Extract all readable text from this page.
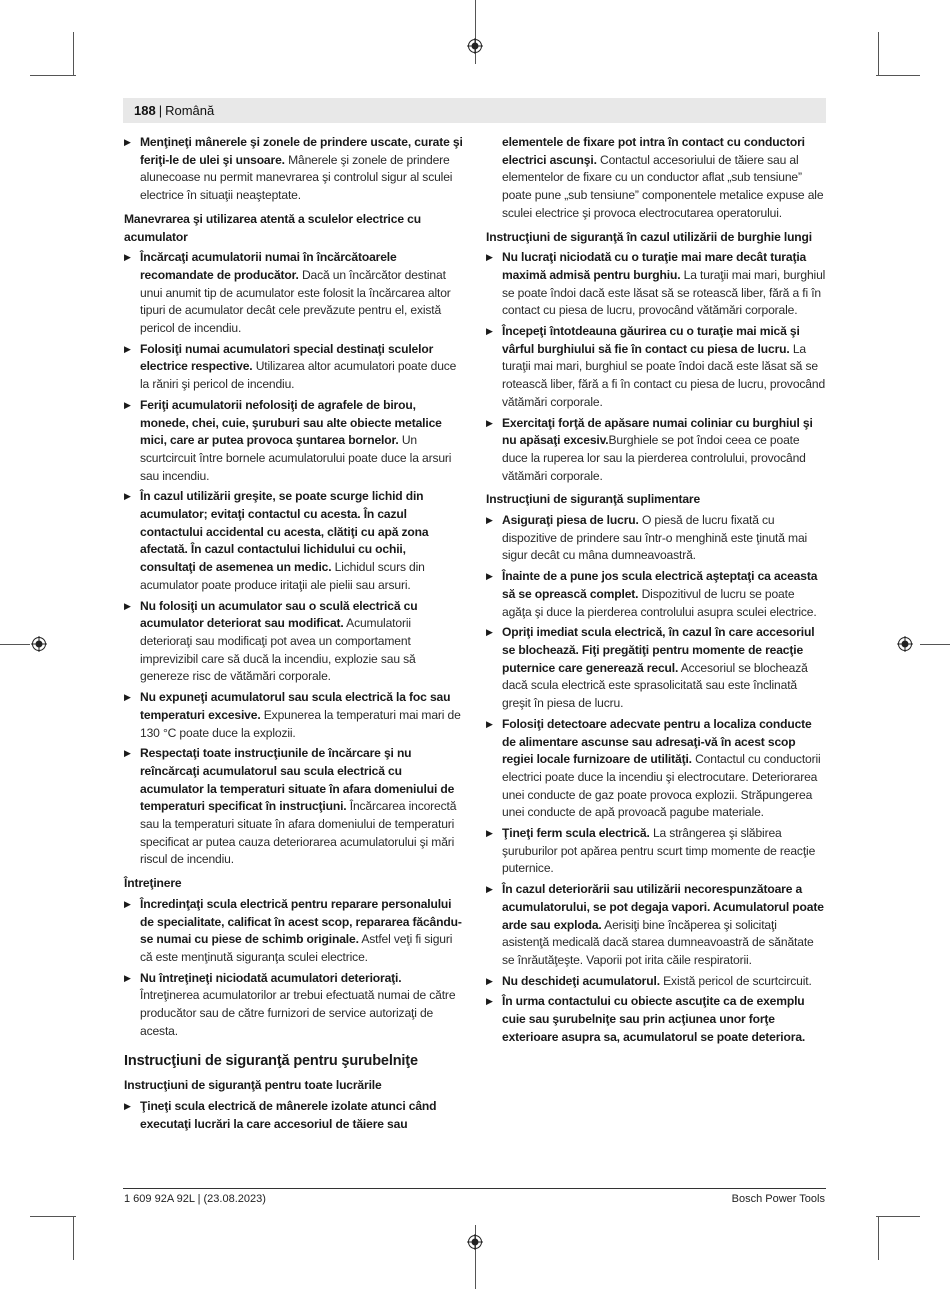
188 | Română
▶ Menţineţi mânerele şi zonele de prindere uscate, curate şi feriţi-le de ulei şi unsoare. Mânerele şi zonele de prindere alunecoase nu permit manevrarea şi controlul sigur al sculei electrice în situaţii neaşteptate.
Manevrarea şi utilizarea atentă a sculelor electrice cu acumulator
▶ Încărcaţi acumulatorii numai în încărcătoarele recomandate de producător. Dacă un încărcător destinat unui anumit tip de acumulator este folosit la încărcarea altor tipuri de acumulator decât cele prevăzute pentru el, există pericol de incendiu.
▶ Folosiţi numai acumulatori special destinaţi sculelor electrice respective. Utilizarea altor acumulatori poate duce la răniri şi pericol de incendiu.
▶ Feriţi acumulatorii nefolosiţi de agrafele de birou, monede, chei, cuie, şuruburi sau alte obiecte metalice mici, care ar putea provoca şuntarea bornelor. Un scurtcircuit între bornele acumulatorului poate duce la arsuri sau incendiu.
▶ În cazul utilizării greşite, se poate scurge lichid din acumulator; evitaţi contactul cu acesta. În cazul contactului accidental cu acesta, clătiţi cu apă zona afectată. În cazul contactului lichidului cu ochii, consultaţi de asemenea un medic. Lichidul scurs din acumulator poate produce iritaţii ale pielii sau arsuri.
▶ Nu folosiţi un acumulator sau o sculă electrică cu acumulator deteriorat sau modificat. Acumulatorii deterioraţi sau modificaţi pot avea un comportament imprevizibil care să ducă la incendiu, explozie sau să genereze risc de vătămări corporale.
▶ Nu expuneţi acumulatorul sau scula electrică la foc sau temperaturi excesive. Expunerea la temperaturi mai mari de 130 °C poate duce la explozii.
▶ Respectaţi toate instrucţiunile de încărcare şi nu reîncărcaţi acumulatorul sau scula electrică cu acumulator la temperaturi situate în afara domeniului de temperaturi specificat în instrucţiuni. Încărcarea incorectă sau la temperaturi situate în afara domeniului de temperaturi specificat ar putea cauza deteriorarea acumulatorului şi mări riscul de incendiu.
Întreţinere
▶ Încredinţaţi scula electrică pentru reparare personalului de specialitate, calificat în acest scop, repararea făcându-se numai cu piese de schimb originale. Astfel veţi fi siguri că este menţinută siguranţa sculei electrice.
▶ Nu întreţineţi niciodată acumulatori deterioraţi. Întreţinerea acumulatorilor ar trebui efectuată numai de către producător sau de către furnizori de service autorizaţi de acesta.
Instrucţiuni de siguranţă pentru şurubelniţe
Instrucţiuni de siguranţă pentru toate lucrările
▶ Ţineţi scula electrică de mânerele izolate atunci când executaţi lucrări la care accesoriul de tăiere sau
elementele de fixare pot intra în contact cu conductori electrici ascunşi. Contactul accesoriului de tăiere sau al elementelor de fixare cu un conductor aflat „sub tensiune” poate pune „sub tensiune” componentele metalice expuse ale sculei electrice şi provoca electrocutarea operatorului.
Instrucţiuni de siguranţă în cazul utilizării de burghie lungi
▶ Nu lucraţi niciodată cu o turaţie mai mare decât turaţia maximă admisă pentru burghiu. La turaţii mai mari, burghiul se poate îndoi dacă este lăsat să se rotească liber, fără a fi în contact cu piesa de lucru, provocând vătămări corporale.
▶ Începeţi întotdeauna găurirea cu o turaţie mai mică şi vârful burghiului să fie în contact cu piesa de lucru. La turaţii mai mari, burghiul se poate îndoi dacă este lăsat să se rotească liber, fără a fi în contact cu piesa de lucru, provocând vătămări corporale.
▶ Exercitaţi forţă de apăsare numai coliniar cu burghiul şi nu apăsaţi excesiv.Burghiele se pot îndoi ceea ce poate duce la ruperea lor sau la pierderea controlului, provocând vătămări corporale.
Instrucţiuni de siguranţă suplimentare
▶ Asiguraţi piesa de lucru. O piesă de lucru fixată cu dispozitive de prindere sau într-o menghină este ţinută mai sigur decât cu mâna dumneavoastră.
▶ Înainte de a pune jos scula electrică aşteptaţi ca aceasta să se oprească complet. Dispozitivul de lucru se poate agăţa şi duce la pierderea controlului asupra sculei electrice.
▶ Opriţi imediat scula electrică, în cazul în care accesoriul se blochează. Fiţi pregătiţi pentru momente de reacţie puternice care generează recul. Accesoriul se blochează dacă scula electrică este sprasolicitată sau este înclinată greşit în piesa de lucru.
▶ Folosiţi detectoare adecvate pentru a localiza conducte de alimentare ascunse sau adresaţi-vă în acest scop regiei locale furnizoare de utilităţi. Contactul cu conductorii electrici poate duce la incendiu şi electrocutare. Deteriorarea unei conducte de gaz poate provoca explozii. Străpungerea unei conducte de apă provoacă pagube materiale.
▶ Ţineţi ferm scula electrică. La strângerea şi slăbirea şuruburilor pot apărea pentru scurt timp momente de reacţie puternice.
▶ În cazul deteriorării sau utilizării necorespunzătoare a acumulatorului, se pot degaja vapori. Acumulatorul poate arde sau exploda. Aerisiţi bine încăperea şi solicitaţi asistenţă medicală dacă starea dumneavoastră de sănătate se înrăutăţeşte. Vaporii pot irita căile respiratorii.
▶ Nu deschideţi acumulatorul. Există pericol de scurtcircuit.
▶ În urma contactului cu obiecte ascuţite ca de exemplu cuie sau şurubelniţe sau prin acţiunea unor forţe exterioare asupra sa, acumulatorul se poate deteriora.
1 609 92A 92L | (23.08.2023)	Bosch Power Tools
